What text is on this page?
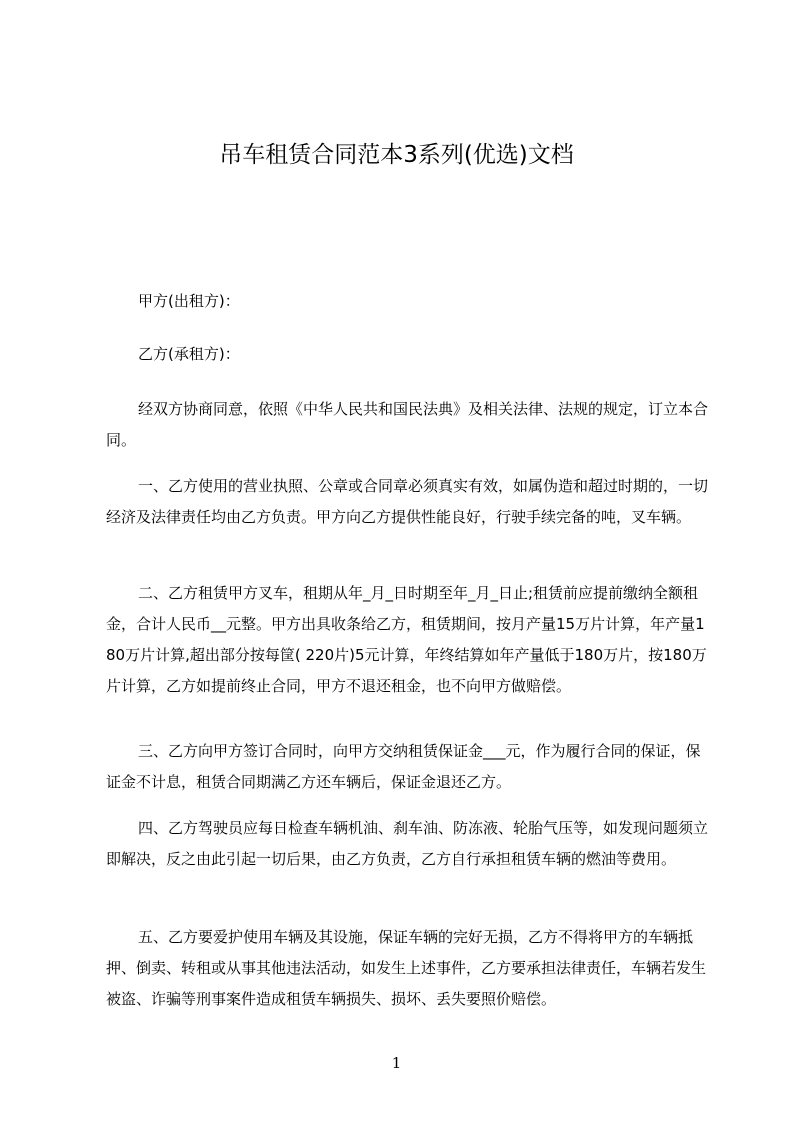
吊车租赁合同范本3系列(优选)文档
甲方(出租方)：
乙方(承租方)：
经双方协商同意，依照《中华人民共和国民法典》及相关法律、法规的规定，订立本合同。
一、乙方使用的营业执照、公章或合同章必须真实有效，如属伪造和超过时期的，一切经济及法律责任均由乙方负责。甲方向乙方提供性能良好，行驶手续完备的吨，叉车辆。
二、乙方租赁甲方叉车，租期从年_月_日时期至年_月_日止;租赁前应提前缴纳全额租金，合计人民币__元整。甲方出具收条给乙方，租赁期间，按月产量15万片计算，年产量180万片计算,超出部分按每筐( 220片)5元计算，年终结算如年产量低于180万片，按180万片计算，乙方如提前终止合同，甲方不退还租金，也不向甲方做赔偿。
三、乙方向甲方签订合同时，向甲方交纳租赁保证金___元，作为履行合同的保证，保证金不计息，租赁合同期满乙方还车辆后，保证金退还乙方。
四、乙方驾驶员应每日检查车辆机油、刹车油、防冻液、轮胎气压等，如发现问题须立即解决，反之由此引起一切后果，由乙方负责，乙方自行承担租赁车辆的燃油等费用。
五、乙方要爱护使用车辆及其设施，保证车辆的完好无损，乙方不得将甲方的车辆抵押、倒卖、转租或从事其他违法活动，如发生上述事件，乙方要承担法律责任，车辆若发生被盗、诈骗等刑事案件造成租赁车辆损失、损坏、丢失要照价赔偿。
1
